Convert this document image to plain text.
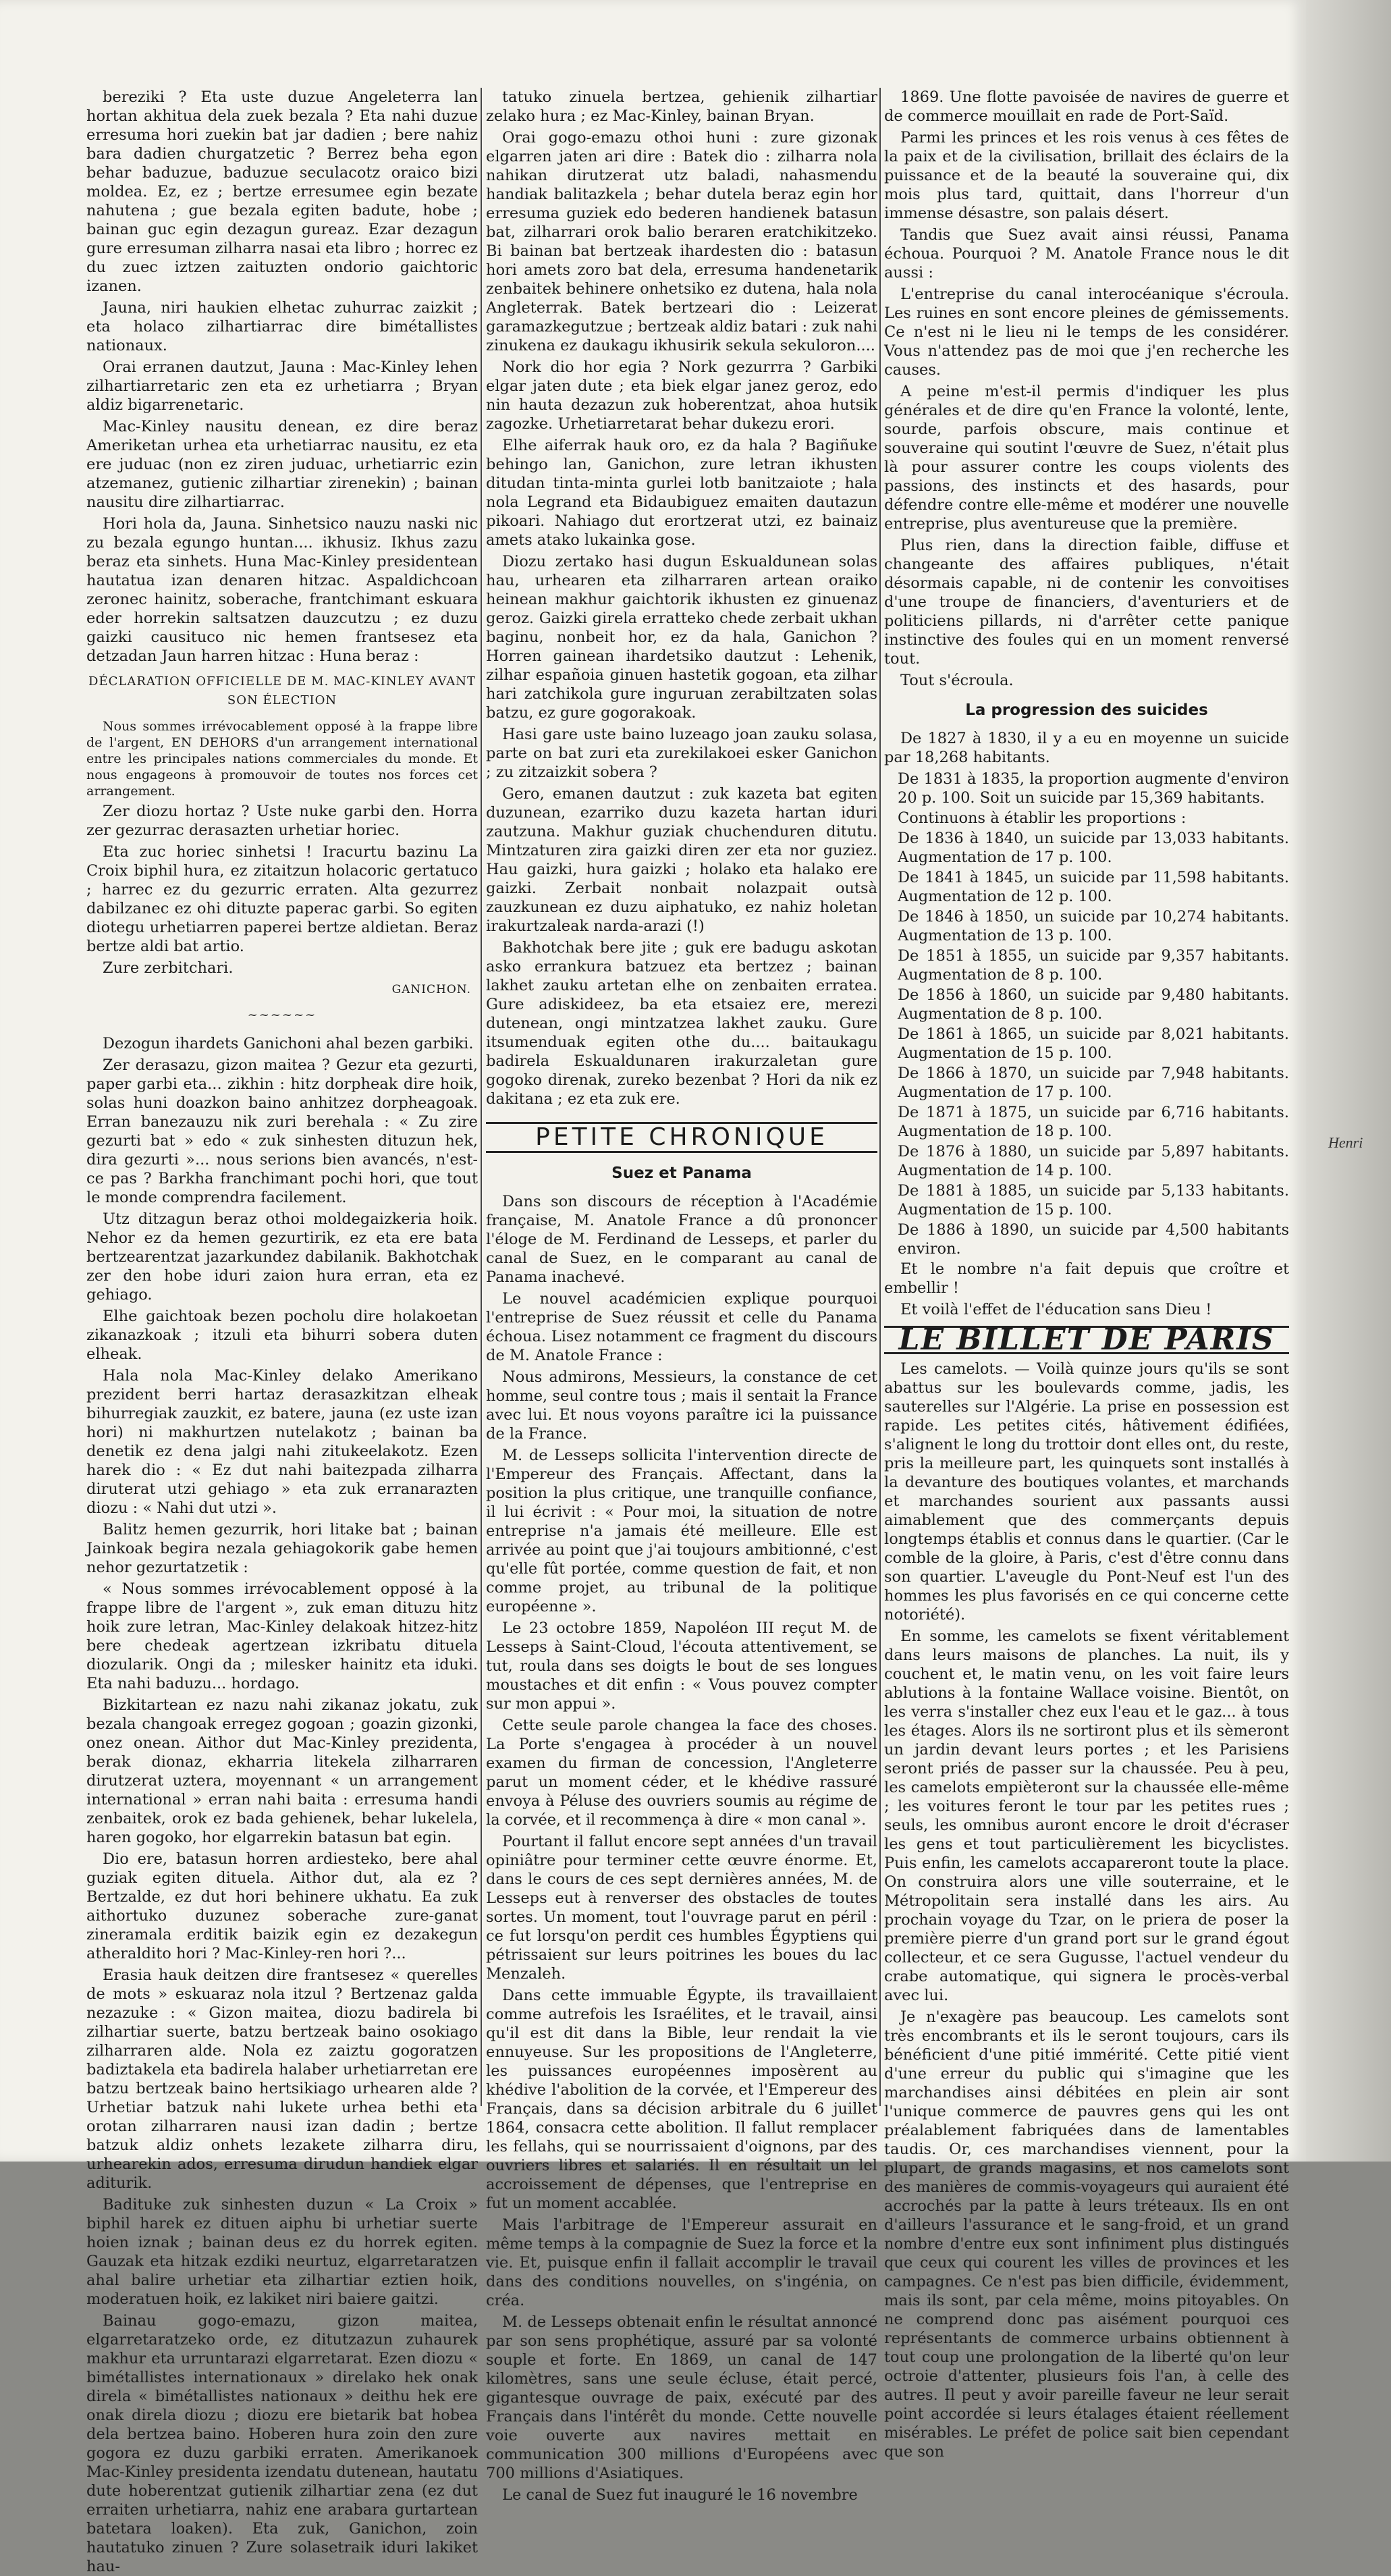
bereziki ? Eta uste duzue Angeleterra lan hortan akhitua dela zuek bezala ? Eta nahi duzue erresuma hori zuekin bat jar dadien ; bere nahiz bara dadien churgatzetic ? Berrez beha egon behar baduzue, baduzue seculacotz oraico bizi moldea. Ez, ez ; bertze erresumee egin bezate nahutena ; gue bezala egiten badute, hobe ; bainan guc egin dezagun gureaz. Ezar dezagun gure erresuman zilharra nasai eta libro ; horrec ez du zuec iztzen zaituzten ondorio gaichtoric izanen.

Jauna, niri haukien elhetac zuhurrac zaizkit ; eta holaco zilhartiarrac dire bimétallistes nationaux.

Orai erranen dautzut, Jauna : Mac-Kinley lehen zilhartiarretaric zen eta ez urhetiarra ; Bryan aldiz bigarrenetaric.

Mac-Kinley nausitu denean, ez dire beraz Ameriketan urhea eta urhetiarrac nausitu, ez eta ere juduac (non ez ziren juduac, urhetiarric ezin atzemanez, gutienic zilhartiar zirenekin) ; bainan nausitu dire zilhartiarrac.

Hori hola da, Jauna. Sinhetsico nauzu naski nic zu bezala egungo huntan.... ikhusiz. Ikhus zazu beraz eta sinhets. Huna Mac-Kinley presidentean hautatua izan denaren hitzac. Aspaldichcoan zeronec hainitz, soberache, frantchimant eskuara eder horrekin saltsatzen dauzcutzu ; ez duzu gaizki causituco nic hemen frantsesez eta detzadan Jaun harren hitzac : Huna beraz :

DÉCLARATION OFFICIELLE DE M. MAC-KINLEY AVANT SON ÉLECTION

Nous sommes irrévocablement opposé à la frappe libre de l'argent, EN DEHORS d'un arrangement international entre les principales nations commerciales du monde. Et nous engageons à promouvoir de toutes nos forces cet arrangement.

Zer diozu hortaz ? Uste nuke garbi den. Horra zer gezurrac derasazten urhetiar horiec.

Eta zuc horiec sinhetsi ! Iracurtu bazinu La Croix biphil hura, ez zitaitzun holacoric gertatuco ; harrec ez du gezurric erraten. Alta gezurrez dabilzanec ez ohi dituzte paperac garbi. So egiten diotegu urhetiarren paperei bertze aldietan. Beraz bertze aldi bat artio.

Zure zerbitchari.

GANICHON.

~~~~~~

Dezogun ihardets Ganichoni ahal bezen garbiki.

Zer derasazu, gizon maitea ? Gezur eta gezurti, paper garbi eta... zikhin : hitz dorpheak dire hoik, solas huni doazkon baino anhitzez dorpheagoak. Erran banezauzu nik zuri berehala : « Zu zire gezurti bat » edo « zuk sinhesten dituzun hek, dira gezurti »... nous serions bien avancés, n'est-ce pas ? Barkha franchimant pochi hori, que tout le monde comprendra facilement.

Utz ditzagun beraz othoi moldegaizkeria hoik. Nehor ez da hemen gezurtirik, ez eta ere bata bertzearentzat jazarkundez dabilanik. Bakhotchak zer den hobe iduri zaion hura erran, eta ez gehiago.

Elhe gaichtoak bezen pocholu dire holakoetan zikanazkoak ; itzuli eta bihurri sobera duten elheak.

Hala nola Mac-Kinley delako Amerikano prezident berri hartaz derasazkitzan elheak bihurregiak zauzkit, ez batere, jauna (ez uste izan hori) ni makhurtzen nutelakotz ; bainan ba denetik ez dena jalgi nahi zitukeelakotz. Ezen harek dio : « Ez dut nahi baitezpada zilharra diruterat utzi gehiago » eta zuk erranarazten diozu : « Nahi dut utzi ».

Balitz hemen gezurrik, hori litake bat ; bainan Jainkoak begira nezala gehiagokorik gabe hemen nehor gezurtatzetik :

« Nous sommes irrévocablement opposé à la frappe libre de l'argent », zuk eman dituzu hitz hoik zure letran, Mac-Kinley delakoak hitzez-hitz bere chedeak agertzean izkribatu dituela diozularik. Ongi da ; milesker hainitz eta iduki. Eta nahi baduzu... hordago.

Bizkitartean ez nazu nahi zikanaz jokatu, zuk bezala changoak erregez gogoan ; goazin gizonki, onez onean. Aithor dut Mac-Kinley prezidenta, berak dionaz, ekharria litekela zilharraren dirutzerat uztera, moyennant « un arrangement international » erran nahi baita : erresuma handi zenbaitek, orok ez bada gehienek, behar lukelela, haren gogoko, hor elgarrekin batasun bat egin.

Dio ere, batasun horren ardiesteko, bere ahal guziak egiten dituela. Aithor dut, ala ez ? Bertzalde, ez dut hori behinere ukhatu. Ea zuk aithortuko duzunez soberache zure-ganat zineramala erditik baizik egin ez dezakegun atheraldito hori ? Mac-Kinley-ren hori ?...

Erasia hauk deitzen dire frantsesez « querelles de mots » eskuaraz nola itzul ? Bertzenaz galda nezazuke : « Gizon maitea, diozu badirela bi zilhartiar suerte, batzu bertzeak baino osokiago zilharraren alde. Nola ez zaiztu gogoratzen badiztakela eta badirela halaber urhetiarretan ere batzu bertzeak baino hertsikiago urhearen alde ? Urhetiar batzuk nahi lukete urhea bethi eta orotan zilharraren nausi izan dadin ; bertze batzuk aldiz onhets lezakete zilharra diru, urhearekin ados, erresuma dirudun handiek elgar aditurik.

Badituke zuk sinhesten duzun « La Croix » biphil harek ez dituen aiphu bi urhetiar suerte hoien iznak ; bainan deus ez du horrek egiten. Gauzak eta hitzak ezdiki neurtuz, elgarretaratzen ahal balire urhetiar eta zilhartiar eztien hoik, moderatuen hoik, ez lakiket niri baiere gaitzi.

Bainau gogo-emazu, gizon maitea, elgarretaratzeko orde, ez ditutzazun zuhaurek makhur eta urruntarazi elgarretarat. Ezen diozu « bimétallistes internationaux » direlako hek onak direla « bimétallistes nationaux » deithu hek ere onak direla diozu ; diozu ere bietarik bat hobea dela bertzea baino. Hoberen hura zoin den zure gogora ez duzu garbiki erraten. Amerikanoek Mac-Kinley presidenta izendatu dutenean, hautatu dute hoberentzat gutienik zilhartiar zena (ez dut erraiten urhetiarra, nahiz ene arabara gurtartean batetara loaken). Eta zuk, Ganichon, zoin hautatuko zinuen ? Zure solasetraik iduri lakiket hau-

tatuko zinuela bertzea, gehienik zilhartiar zelako hura ; ez Mac-Kinley, bainan Bryan.

Orai gogo-emazu othoi huni : zure gizonak elgarren jaten ari dire : Batek dio : zilharra nola nahikan dirutzerat utz baladi, nahasmendu handiak balitazkela ; behar dutela beraz egin hor erresuma guziek edo bederen handienek batasun bat, zilharrari orok balio beraren eratchikitzeko. Bi bainan bat bertzeak ihardesten dio : batasun hori amets zoro bat dela, erresuma handenetarik zenbaitek behinere onhetsiko ez dutena, hala nola Angleterrak. Batek bertzeari dio : Leizerat garamazkegutzue ; bertzeak aldiz batari : zuk nahi zinukena ez daukagu ikhusirik sekula sekuloron....

Nork dio hor egia ? Nork gezurrra ? Garbiki elgar jaten dute ; eta biek elgar janez geroz, edo nin hauta dezazun zuk hoberentzat, ahoa hutsik zagozke. Urhetiarretarat behar dukezu erori.

Elhe aiferrak hauk oro, ez da hala ? Bagiñuke behingo lan, Ganichon, zure letran ikhusten ditudan tinta-minta gurlei lotb banitzaiote ; hala nola Legrand eta Bidaubiguez emaiten dautazun pikoari. Nahiago dut erortzerat utzi, ez bainaiz amets atako lukainka gose.

Diozu zertako hasi dugun Eskualdunean solas hau, urhearen eta zilharraren artean oraiko heinean makhur gaichtorik ikhusten ez ginuenaz geroz. Gaizki girela erratteko chede zerbait ukhan baginu, nonbeit hor, ez da hala, Ganichon ? Horren gainean ihardetsiko dautzut : Lehenik, zilhar españoia ginuen hastetik gogoan, eta zilhar hari zatchikola gure inguruan zerabiltzaten solas batzu, ez gure gogorakoak.

Hasi gare uste baino luzeago joan zauku solasa, parte on bat zuri eta zurekilakoei esker Ganichon ; zu zitzaizkit sobera ?

Gero, emanen dautzut : zuk kazeta bat egiten duzunean, ezarriko duzu kazeta hartan iduri zautzuna. Makhur guziak chuchenduren ditutu. Mintzaturen zira gaizki diren zer eta nor guziez. Hau gaizki, hura gaizki ; holako eta halako ere gaizki. Zerbait nonbait nolazpait outsà zauzkunean ez duzu aiphatuko, ez nahiz holetan irakurtzaleak narda-arazi (!)

Bakhotchak bere jite ; guk ere badugu askotan asko errankura batzuez eta bertzez ; bainan lakhet zauku artetan elhe on zenbaiten erratea. Gure adiskideez, ba eta etsaiez ere, merezi dutenean, ongi mintzatzea lakhet zauku. Gure itsumenduak egiten othe du.... baitaukagu badirela Eskualdunaren irakurzaletan gure gogoko direnak, zureko bezenbat ? Hori da nik ez dakitana ; ez eta zuk ere.

PETITE CHRONIQUE

Suez et Panama

Dans son discours de réception à l'Académie française, M. Anatole France a dû prononcer l'éloge de M. Ferdinand de Lesseps, et parler du canal de Suez, en le comparant au canal de Panama inachevé.

Le nouvel académicien explique pourquoi l'entreprise de Suez réussit et celle du Panama échoua. Lisez notamment ce fragment du discours de M. Anatole France :

Nous admirons, Messieurs, la constance de cet homme, seul contre tous ; mais il sentait la France avec lui. Et nous voyons paraître ici la puissance de la France.

M. de Lesseps sollicita l'intervention directe de l'Empereur des Français. Affectant, dans la position la plus critique, une tranquille confiance, il lui écrivit : « Pour moi, la situation de notre entreprise n'a jamais été meilleure. Elle est arrivée au point que j'ai toujours ambitionné, c'est qu'elle fût portée, comme question de fait, et non comme projet, au tribunal de la politique européenne ».

Le 23 octobre 1859, Napoléon III reçut M. de Lesseps à Saint-Cloud, l'écouta attentivement, se tut, roula dans ses doigts le bout de ses longues moustaches et dit enfin : « Vous pouvez compter sur mon appui ».

Cette seule parole changea la face des choses. La Porte s'engagea à procéder à un nouvel examen du firman de concession, l'Angleterre parut un moment céder, et le khédive rassuré envoya à Péluse des ouvriers soumis au régime de la corvée, et il recommença à dire « mon canal ».

Pourtant il fallut encore sept années d'un travail opiniâtre pour terminer cette œuvre énorme. Et, dans le cours de ces sept dernières années, M. de Lesseps eut à renverser des obstacles de toutes sortes. Un moment, tout l'ouvrage parut en péril : ce fut lorsqu'on perdit ces humbles Égyptiens qui pétrissaient sur leurs poitrines les boues du lac Menzaleh.

Dans cette immuable Égypte, ils travaillaient comme autrefois les Israélites, et le travail, ainsi qu'il est dit dans la Bible, leur rendait la vie ennuyeuse. Sur les propositions de l'Angleterre, les puissances européennes imposèrent au khédive l'abolition de la corvée, et l'Empereur des Français, dans sa décision arbitrale du 6 juillet 1864, consacra cette abolition. Il fallut remplacer les fellahs, qui se nourrissaient d'oignons, par des ouvriers libres et salariés. Il en résultait un lel accroissement de dépenses, que l'entreprise en fut un moment accablée.

Mais l'arbitrage de l'Empereur assurait en même temps à la compagnie de Suez la force et la vie. Et, puisque enfin il fallait accomplir le travail dans des conditions nouvelles, on s'ingénia, on créa.

M. de Lesseps obtenait enfin le résultat annoncé par son sens prophétique, assuré par sa volonté souple et forte. En 1869, un canal de 147 kilomètres, sans une seule écluse, était percé, gigantesque ouvrage de paix, exécuté par des Français dans l'intérêt du monde. Cette nouvelle voie ouverte aux navires mettait en communication 300 millions d'Européens avec 700 millions d'Asiatiques.

Le canal de Suez fut inauguré le 16 novembre

1869. Une flotte pavoisée de navires de guerre et de commerce mouillait en rade de Port-Saïd.

Parmi les princes et les rois venus à ces fêtes de la paix et de la civilisation, brillait des éclairs de la puissance et de la beauté la souveraine qui, dix mois plus tard, quittait, dans l'horreur d'un immense désastre, son palais désert.

Tandis que Suez avait ainsi réussi, Panama échoua. Pourquoi ? M. Anatole France nous le dit aussi :

L'entreprise du canal interocéanique s'écroula. Les ruines en sont encore pleines de gémissements. Ce n'est ni le lieu ni le temps de les considérer. Vous n'attendez pas de moi que j'en recherche les causes.

A peine m'est-il permis d'indiquer les plus générales et de dire qu'en France la volonté, lente, sourde, parfois obscure, mais continue et souveraine qui soutint l'œuvre de Suez, n'était plus là pour assurer contre les coups violents des passions, des instincts et des hasards, pour défendre contre elle-même et modérer une nouvelle entreprise, plus aventureuse que la première.

Plus rien, dans la direction faible, diffuse et changeante des affaires publiques, n'était désormais capable, ni de contenir les convoitises d'une troupe de financiers, d'aventuriers et de politiciens pillards, ni d'arrêter cette panique instinctive des foules qui en un moment renversé tout.

Tout s'écroula.

La progression des suicides

De 1827 à 1830, il y a eu en moyenne un suicide par 18,268 habitants.

De 1831 à 1835, la proportion augmente d'environ 20 p. 100. Soit un suicide par 15,369 habitants.

Continuons à établir les proportions :

De 1836 à 1840, un suicide par 13,033 habitants. Augmentation de 17 p. 100.

De 1841 à 1845, un suicide par 11,598 habitants. Augmentation de 12 p. 100.

De 1846 à 1850, un suicide par 10,274 habitants. Augmentation de 13 p. 100.

De 1851 à 1855, un suicide par 9,357 habitants. Augmentation de 8 p. 100.

De 1856 à 1860, un suicide par 9,480 habitants. Augmentation de 8 p. 100.

De 1861 à 1865, un suicide par 8,021 habitants. Augmentation de 15 p. 100.

De 1866 à 1870, un suicide par 7,948 habitants. Augmentation de 17 p. 100.

De 1871 à 1875, un suicide par 6,716 habitants. Augmentation de 18 p. 100.

De 1876 à 1880, un suicide par 5,897 habitants. Augmentation de 14 p. 100.

De 1881 à 1885, un suicide par 5,133 habitants. Augmentation de 15 p. 100.

De 1886 à 1890, un suicide par 4,500 habitants environ.

Et le nombre n'a fait depuis que croître et embellir !

Et voilà l'effet de l'éducation sans Dieu !

LE BILLET DE PARIS

Les camelots. — Voilà quinze jours qu'ils se sont abattus sur les boulevards comme, jadis, les sauterelles sur l'Algérie. La prise en possession est rapide. Les petites cités, hâtivement édifiées, s'alignent le long du trottoir dont elles ont, du reste, pris la meilleure part, les quinquets sont installés à la devanture des boutiques volantes, et marchands et marchandes sourient aux passants aussi aimablement que des commerçants depuis longtemps établis et connus dans le quartier. (Car le comble de la gloire, à Paris, c'est d'être connu dans son quartier. L'aveugle du Pont-Neuf est l'un des hommes les plus favorisés en ce qui concerne cette notoriété).

En somme, les camelots se fixent véritablement dans leurs maisons de planches. La nuit, ils y couchent et, le matin venu, on les voit faire leurs ablutions à la fontaine Wallace voisine. Bientôt, on les verra s'installer chez eux l'eau et le gaz... à tous les étages. Alors ils ne sortiront plus et ils sèmeront un jardin devant leurs portes ; et les Parisiens seront priés de passer sur la chaussée. Peu à peu, les camelots empièteront sur la chaussée elle-même ; les voitures feront le tour par les petites rues ; seuls, les omnibus auront encore le droit d'écraser les gens et tout particulièrement les bicyclistes. Puis enfin, les camelots accapareront toute la place. On construira alors une ville souterraine, et le Métropolitain sera installé dans les airs. Au prochain voyage du Tzar, on le priera de poser la première pierre d'un grand port sur le grand égout collecteur, et ce sera Gugusse, l'actuel vendeur du crabe automatique, qui signera le procès-verbal avec lui.

Je n'exagère pas beaucoup. Les camelots sont très encombrants et ils le seront toujours, cars ils bénéficient d'une pitié immérité. Cette pitié vient d'une erreur du public qui s'imagine que les marchandises ainsi débitées en plein air sont l'unique commerce de pauvres gens qui les ont préalablement fabriquées dans de lamentables taudis. Or, ces marchandises viennent, pour la plupart, de grands magasins, et nos camelots sont des manières de commis-voyageurs qui auraient été accrochés par la patte à leurs tréteaux. Ils en ont d'ailleurs l'assurance et le sang-froid, et un grand nombre d'entre eux sont infiniment plus distingués que ceux qui courent les villes de provinces et les campagnes. Ce n'est pas bien difficile, évidemment, mais ils sont, par cela même, moins pitoyables. On ne comprend donc pas aisément pourquoi ces représentants de commerce urbains obtiennent à tout coup une prolongation de la liberté qu'on leur octroie d'attenter, plusieurs fois l'an, à celle des autres. Il peut y avoir pareille faveur ne leur serait point accordée si leurs étalages étaient réellement misérables. Le préfet de police sait bien cependant que son

Henri
